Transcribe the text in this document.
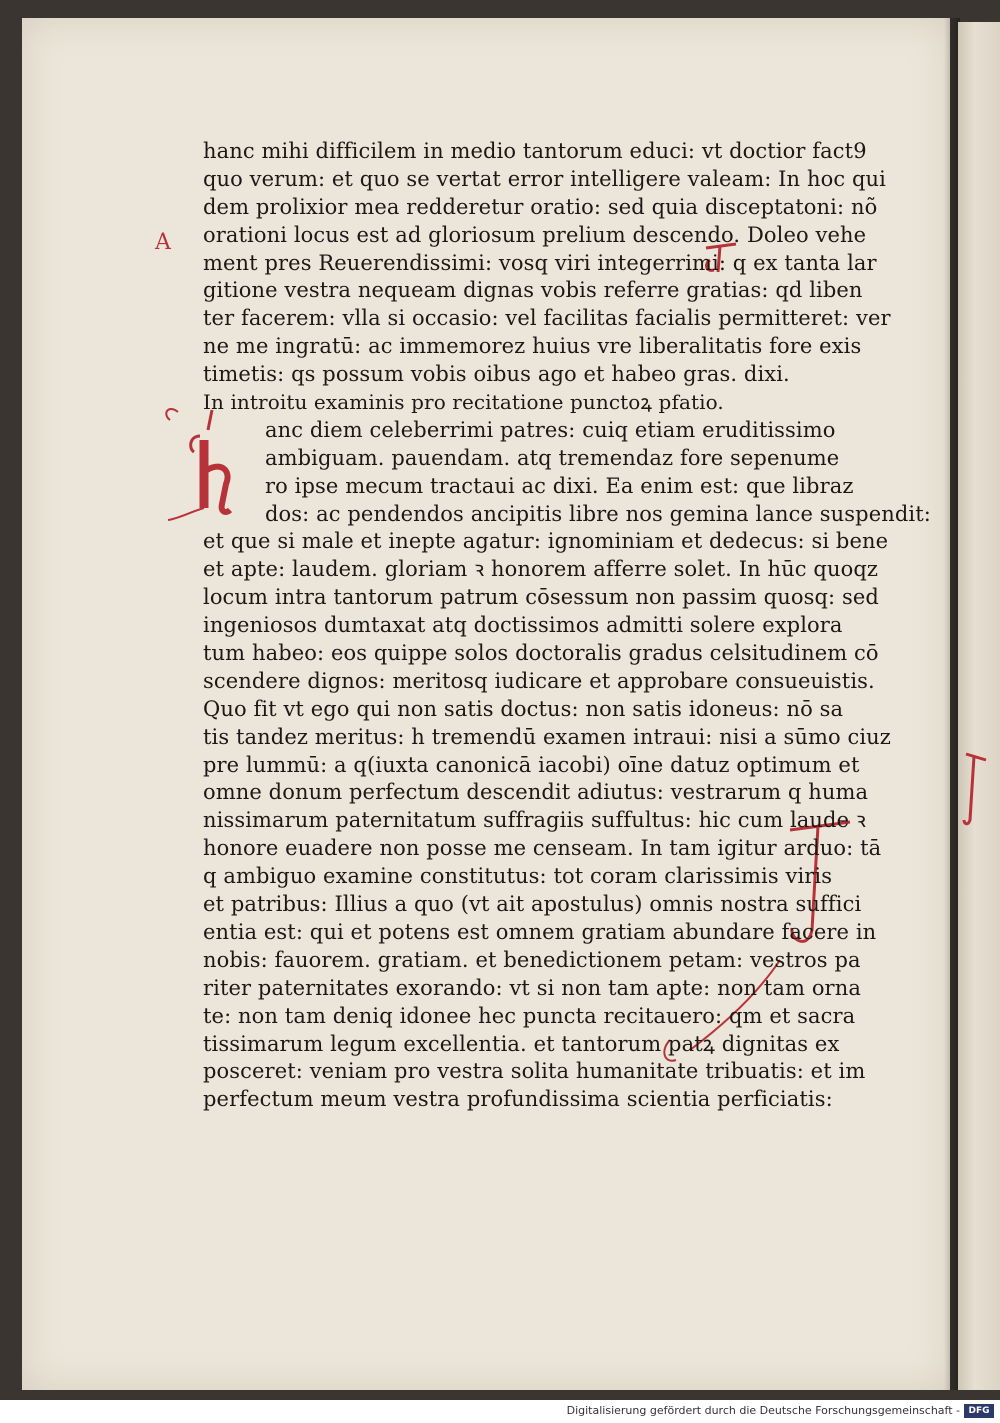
A
hanc mihi difficilem in medio tantorum educi: vt doctior fact9
quo verum: et quo se vertat error intelligere valeam: In hoc qui
dem prolixior mea redderetur oratio: sed quia disceptatoni: nõ
orationi locus est ad gloriosum prelium descendo. Doleo vehe
ment pres Reuerendissimi: vosq viri integerrimi: q ex tanta lar
gitione vestra nequeam dignas vobis referre gratias: qd liben
ter facerem: vlla si occasio: vel facilitas facialis permitteret: ver
ne me ingratū: ac immemorez huius vre liberalitatis fore exis
timetis: qs possum vobis oibus ago et habeo gras. dixi.
In introitu examinis pro recitatione punctoꝝ pfatio.
anc diem celeberrimi patres: cuiq etiam eruditissimo
ambiguam. pauendam. atq tremendaz fore sepenume
ro ipse mecum tractaui ac dixi. Ea enim est: que libraz
dos: ac pendendos ancipitis libre nos gemina lance suspendit:
et que si male et inepte agatur: ignominiam et dedecus: si bene
et apte: laudem. gloriam ꝛ honorem afferre solet. In hūc quoqz
locum intra tantorum patrum cōsessum non passim quosq: sed
ingeniosos dumtaxat atq doctissimos admitti solere explora
tum habeo: eos quippe solos doctoralis gradus celsitudinem cō
scendere dignos: meritosq iudicare et approbare consueuistis.
Quo fit vt ego qui non satis doctus: non satis idoneus: nō sa
tis tandez meritus: h tremendū examen intraui: nisi a sūmo ciuz
pre lummū: a q(iuxta canonicā iacobi) oīne datuz optimum et
omne donum perfectum descendit adiutus: vestrarum q huma
nissimarum paternitatum suffragiis suffultus: hic cum laude ꝛ
honore euadere non posse me censeam. In tam igitur arduo: tā
q ambiguo examine constitutus: tot coram clarissimis viris
et patribus: Illius a quo (vt ait apostulus) omnis nostra suffici
entia est: qui et potens est omnem gratiam abundare facere in
nobis: fauorem. gratiam. et benedictionem petam: vestros pa
riter paternitates exorando: vt si non tam apte: non tam orna
te: non tam deniq idonee hec puncta recitauero: qm et sacra
tissimarum legum excellentia. et tantorum patꝝ dignitas ex
posceret: veniam pro vestra solita humanitate tribuatis: et im
perfectum meum vestra profundissima scientia perficiatis:
Digitalisierung gefördert durch die Deutsche Forschungsgemeinschaft - DFG
